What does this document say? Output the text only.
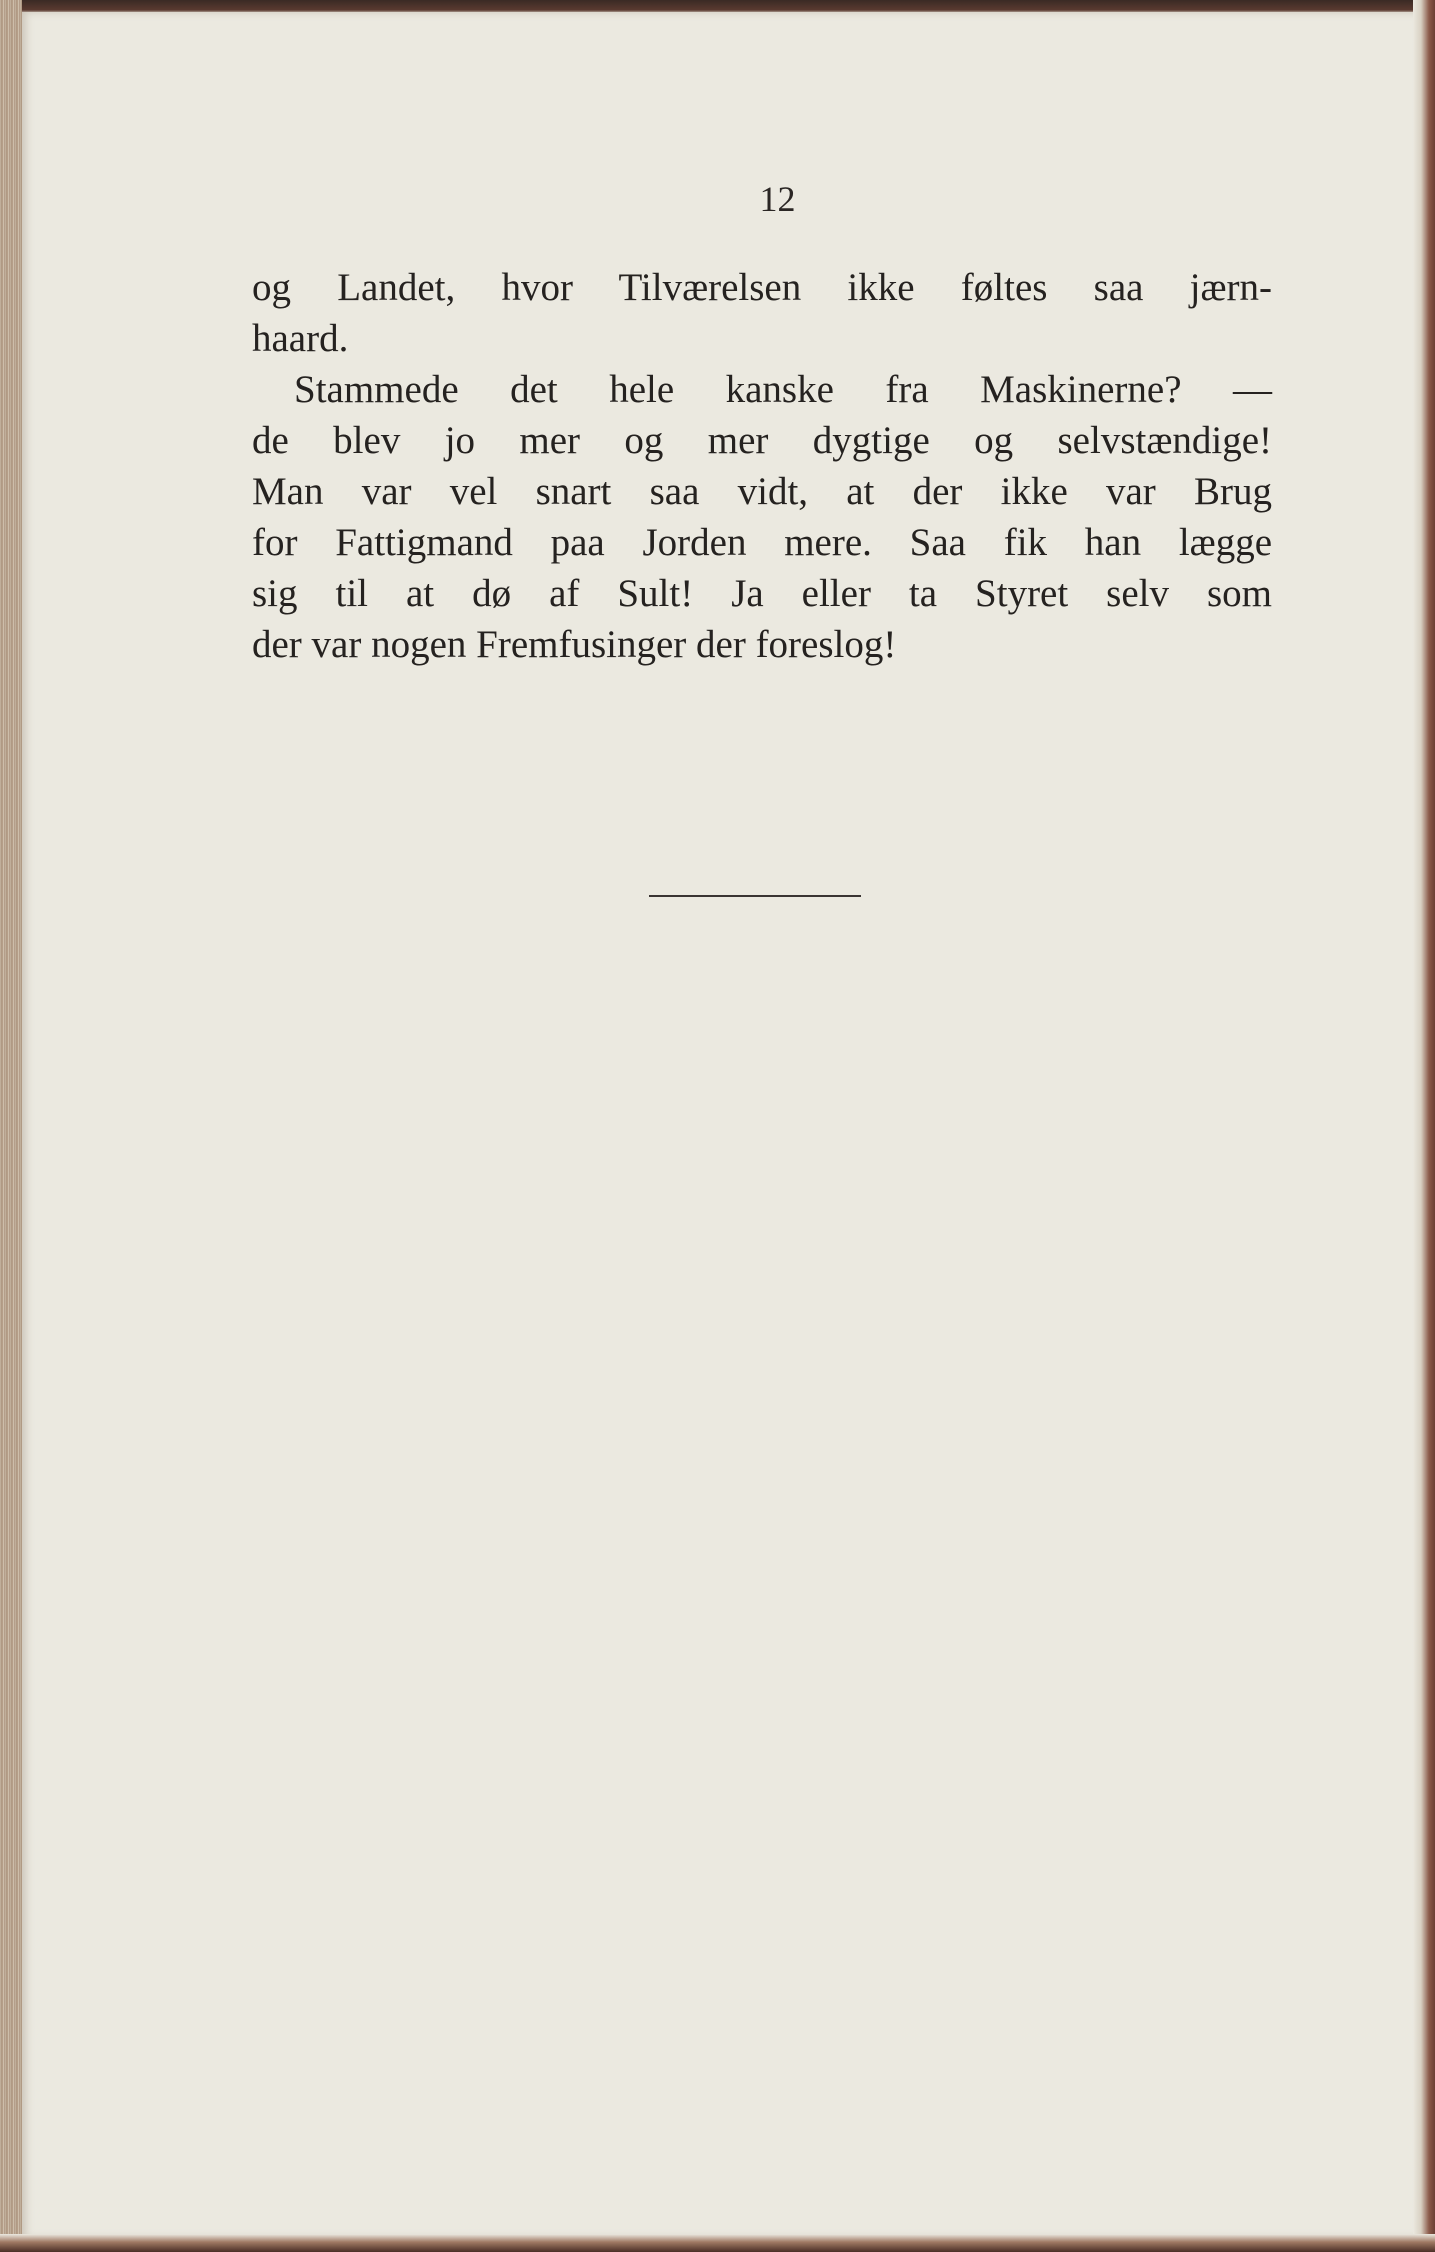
12
og Landet, hvor Tilværelsen ikke føltes saa jærn-
haard.
Stammede det hele kanske fra Maskinerne? —
de blev jo mer og mer dygtige og selvstændige!
Man var vel snart saa vidt, at der ikke var Brug
for Fattigmand paa Jorden mere. Saa fik han lægge
sig til at dø af Sult! Ja eller ta Styret selv som
der var nogen Fremfusinger der foreslog!
